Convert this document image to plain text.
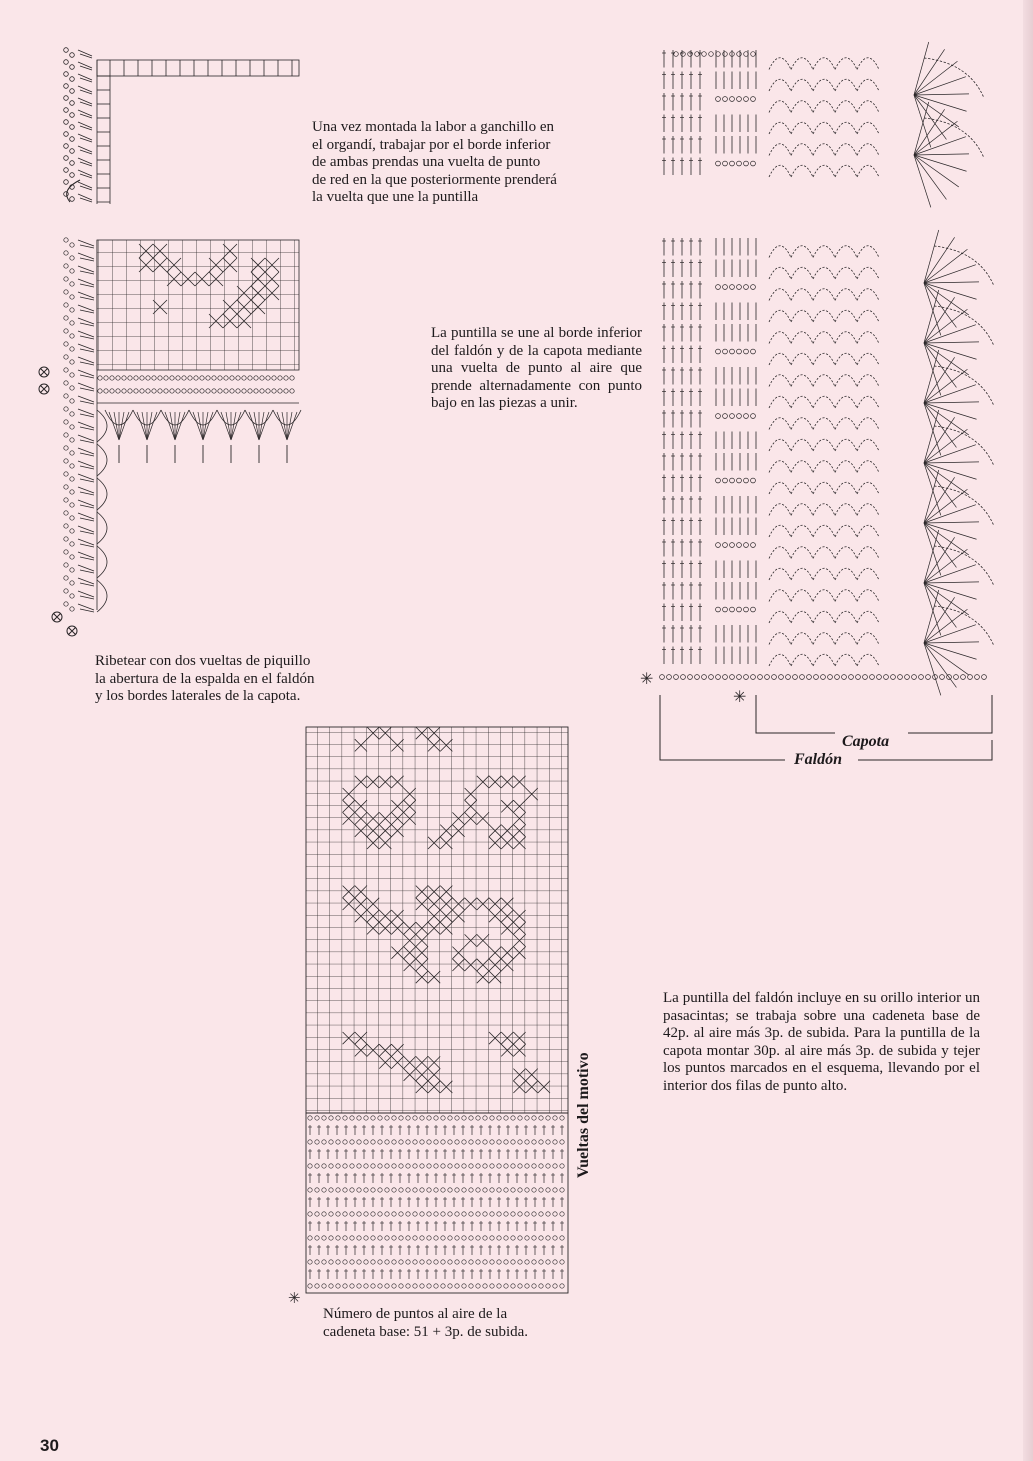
Una vez montada la labor a ganchillo en
el organdí, trabajar por el borde inferior
de ambas prendas una vuelta de punto
de red en la que posteriormente prenderá
la vuelta que une la puntilla
La puntilla se une al borde inferior del faldón y de la capota mediante una vuelta de punto al aire que prende alternadamente con punto bajo en las piezas a unir.
Ribetear con dos vueltas de piquillo
la abertura de la espalda en el faldón
y los bordes laterales de la capota.
La puntilla del faldón incluye en su orillo interior un pasacintas; se trabaja sobre una cadeneta base de 42p. al aire más 3p. de subida. Para la puntilla de la capota montar 30p. al aire más 3p. de subida y tejer los puntos marcados en el esquema, llevando por el interior dos filas de punto alto.
Número de puntos al aire de la
cadeneta base: 51 + 3p. de subida.
30
✳
✳
Capota
Faldón
✳
Vueltas del motivo
